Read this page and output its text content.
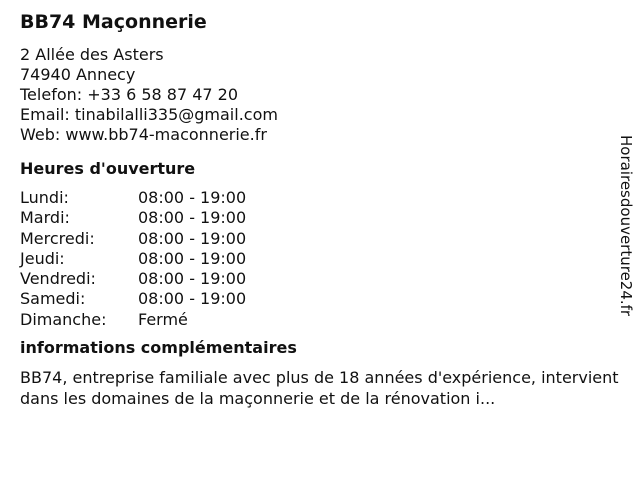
BB74 Maçonnerie
2 Allée des Asters
74940 Annecy
Telefon: +33 6 58 87 47 20
Email: tinabilalli335@gmail.com
Web: www.bb74-maconnerie.fr
Heures d'ouverture
Lundi:	08:00 - 19:00
Mardi:	08:00 - 19:00
Mercredi:	08:00 - 19:00
Jeudi:	08:00 - 19:00
Vendredi:	08:00 - 19:00
Samedi:	08:00 - 19:00
Dimanche:	Fermé
informations complémentaires

BB74, entreprise familiale avec plus de 18 années d'expérience, intervient dans les domaines de la maçonnerie et de la rénovation i...

Horairesdouverture24.fr
